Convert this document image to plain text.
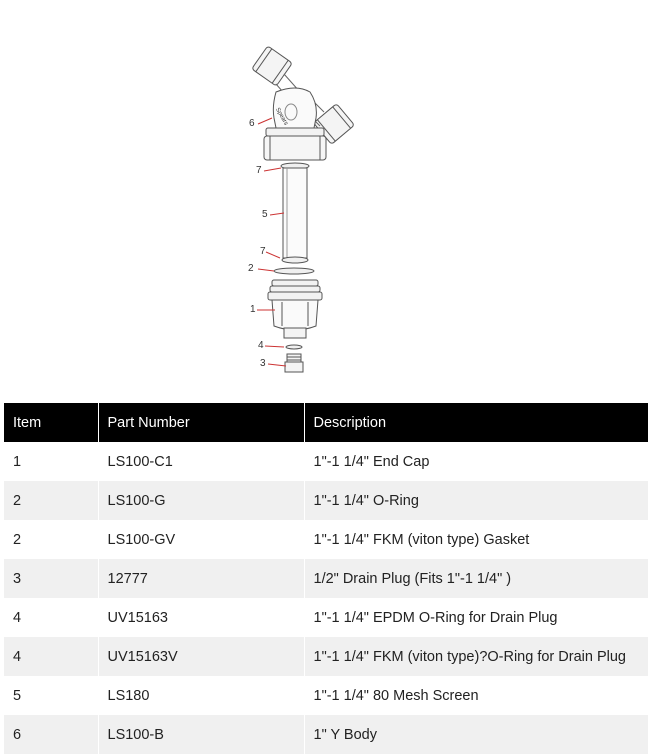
6
7
5
7
2
1
4
3
Spears
Item	Part Number	Description
1	LS100-C1	1"-1 1/4" End Cap
2	LS100-G	1"-1 1/4" O-Ring
2	LS100-GV	1"-1 1/4" FKM (viton type) Gasket
3	12777	1/2" Drain Plug (Fits 1"-1 1/4" )
4	UV15163	1"-1 1/4" EPDM O-Ring for Drain Plug
4	UV15163V	1"-1 1/4" FKM (viton type)?O-Ring for Drain Plug
5	LS180	1"-1 1/4" 80 Mesh Screen
6	LS100-B	1" Y Body
